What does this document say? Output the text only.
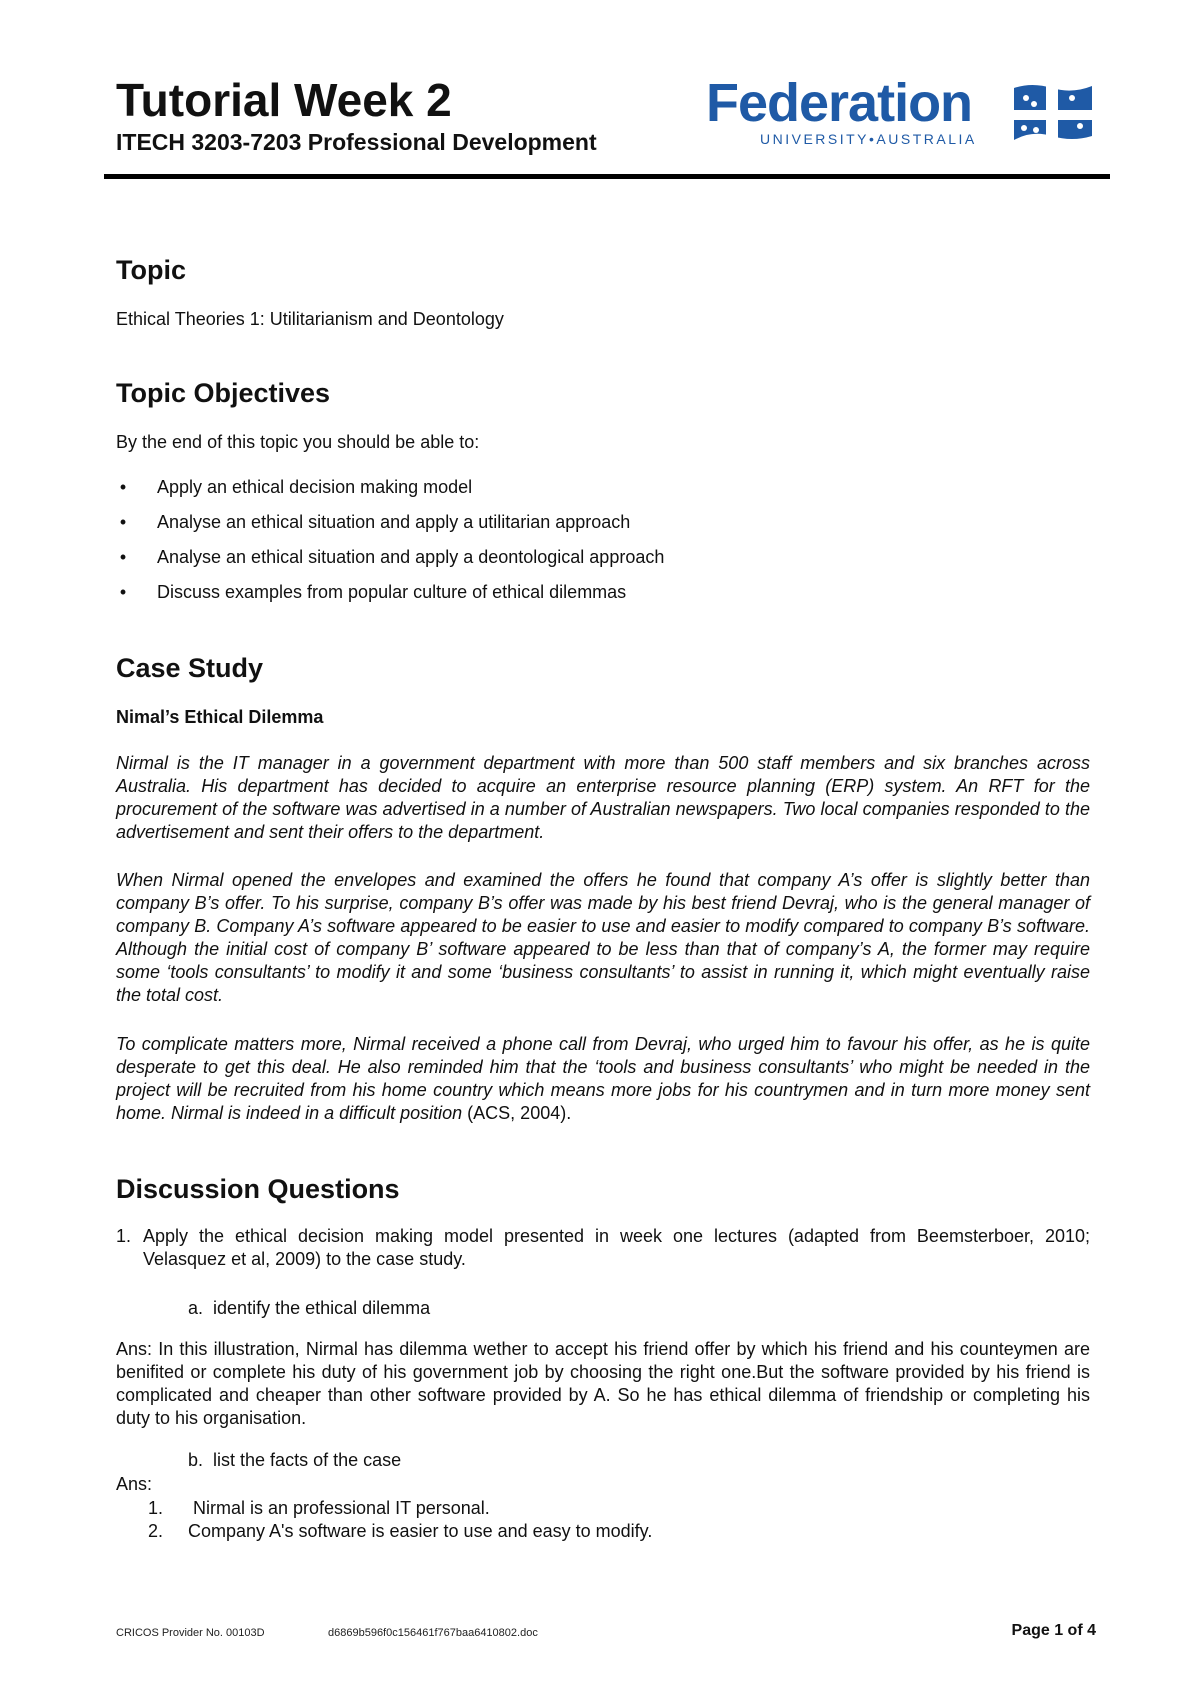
Tutorial Week 2
ITECH 3203-7203 Professional Development
Federation
UNIVERSITY•AUSTRALIA
Topic

Ethical Theories 1: Utilitarianism and Deontology

Topic Objectives

By the end of this topic you should be able to:

• Apply an ethical decision making model
• Analyse an ethical situation and apply a utilitarian approach
• Analyse an ethical situation and apply a deontological approach
• Discuss examples from popular culture of ethical dilemmas
Case Study
Nimal’s Ethical Dilemma

Nirmal is the IT manager in a government department with more than 500 staff members and six branches across Australia. His department has decided to acquire an enterprise resource planning (ERP) system. An RFT for the procurement of the software was advertised in a number of Australian newspapers. Two local companies responded to the advertisement and sent their offers to the department.

When Nirmal opened the envelopes and examined the offers he found that company A’s offer is slightly better than company B’s offer. To his surprise, company B’s offer was made by his best friend Devraj, who is the general manager of company B. Company A’s software appeared to be easier to use and easier to modify compared to company B’s software. Although the initial cost of company B’ software appeared to be less than that of company’s A, the former may require some ‘tools consultants’ to modify it and some ‘business consultants’ to assist in running it, which might eventually raise the total cost.

To complicate matters more, Nirmal received a phone call from Devraj, who urged him to favour his offer, as he is quite desperate to get this deal. He also reminded him that the ‘tools and business consultants’ who might be needed in the project will be recruited from his home country which means more jobs for his countrymen and in turn more money sent home. Nirmal is indeed in a difficult position (ACS, 2004).

Discussion Questions
1. Apply the ethical decision making model presented in week one lectures (adapted from Beemsterboer, 2010; Velasquez et al, 2009) to the case study.
a. identify the ethical dilemma

Ans: In this illustration, Nirmal has dilemma wether to accept his friend offer by which his friend and his counteymen are benifited or complete his duty of his government job by choosing the right one.But the software provided by his friend is complicated and cheaper than other software provided by A. So he has ethical dilemma of friendship or completing his duty to his organisation.

b. list the facts of the case

Ans:

1. Nirmal is an professional IT personal.
2. Company A's software is easier to use and easy to modify.
CRICOS Provider No. 00103D	d6869b596f0c156461f767baa6410802.doc	Page 1 of 4
